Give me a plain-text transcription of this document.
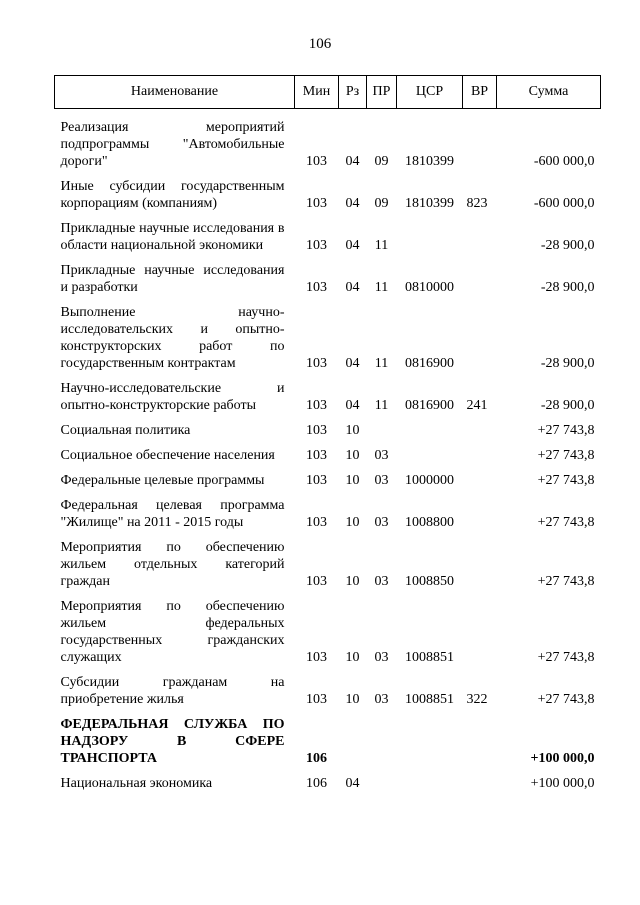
106
Наименование	Мин	Рз	ПР	ЦСР	ВР	Сумма
Реализация мероприятий подпрограммы "Автомобильные дороги"	103	04	09	1810399		-600 000,0
Иные субсидии государственным корпорациям (компаниям)	103	04	09	1810399	823	-600 000,0
Прикладные научные исследования в области национальной экономики	103	04	11			-28 900,0
Прикладные научные исследования и разработки	103	04	11	0810000		-28 900,0
Выполнение научно-исследовательских и опытно-конструкторских работ по государственным контрактам	103	04	11	0816900		-28 900,0
Научно-исследовательские и опытно-конструкторские работы	103	04	11	0816900	241	-28 900,0
Социальная политика	103	10				+27 743,8
Социальное обеспечение населения	103	10	03			+27 743,8
Федеральные целевые программы	103	10	03	1000000		+27 743,8
Федеральная целевая программа "Жилище" на 2011 - 2015 годы	103	10	03	1008800		+27 743,8
Мероприятия по обеспечению жильем отдельных категорий граждан	103	10	03	1008850		+27 743,8
Мероприятия по обеспечению жильем федеральных государственных гражданских служащих	103	10	03	1008851		+27 743,8
Субсидии гражданам на приобретение жилья	103	10	03	1008851	322	+27 743,8
ФЕДЕРАЛЬНАЯ СЛУЖБА ПО НАДЗОРУ В СФЕРЕ ТРАНСПОРТА	106					+100 000,0
Национальная экономика	106	04				+100 000,0
